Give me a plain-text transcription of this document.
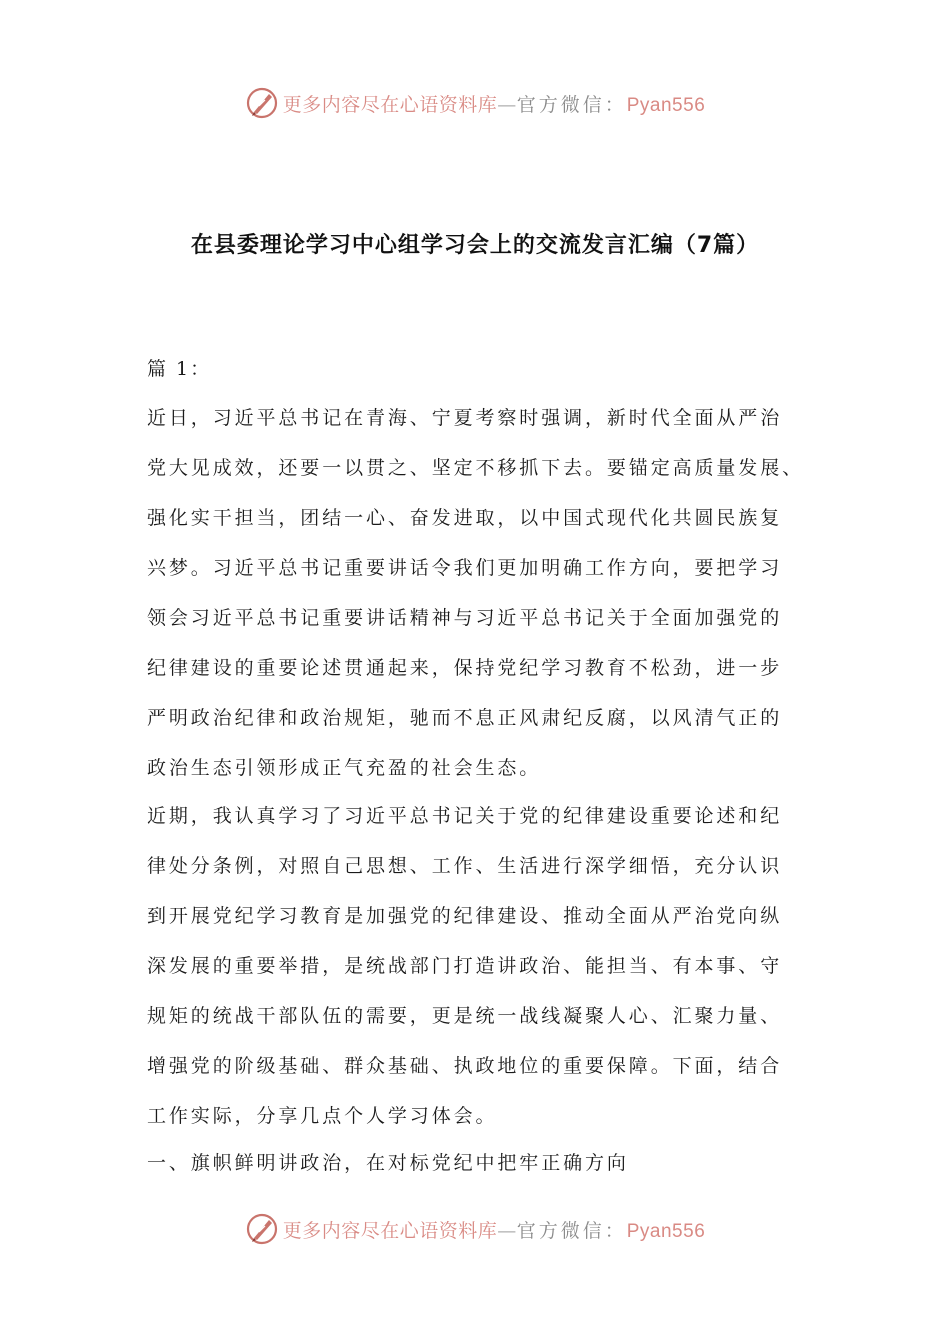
更多内容尽在心语资料库—官方微信：Pyan556
在县委理论学习中心组学习会上的交流发言汇编（7篇）
篇 1：

近日，习近平总书记在青海、宁夏考察时强调，新时代全面从严治
党大见成效，还要一以贯之、坚定不移抓下去。要锚定高质量发展、
强化实干担当，团结一心、奋发进取，以中国式现代化共圆民族复
兴梦。习近平总书记重要讲话令我们更加明确工作方向，要把学习
领会习近平总书记重要讲话精神与习近平总书记关于全面加强党的
纪律建设的重要论述贯通起来，保持党纪学习教育不松劲，进一步
严明政治纪律和政治规矩，驰而不息正风肃纪反腐，以风清气正的
政治生态引领形成正气充盈的社会生态。

近期，我认真学习了习近平总书记关于党的纪律建设重要论述和纪
律处分条例，对照自己思想、工作、生活进行深学细悟，充分认识
到开展党纪学习教育是加强党的纪律建设、推动全面从严治党向纵
深发展的重要举措，是统战部门打造讲政治、能担当、有本事、守
规矩的统战干部队伍的需要，更是统一战线凝聚人心、汇聚力量、
增强党的阶级基础、群众基础、执政地位的重要保障。下面，结合
工作实际，分享几点个人学习体会。

一、旗帜鲜明讲政治，在对标党纪中把牢正确方向
更多内容尽在心语资料库—官方微信：Pyan556
